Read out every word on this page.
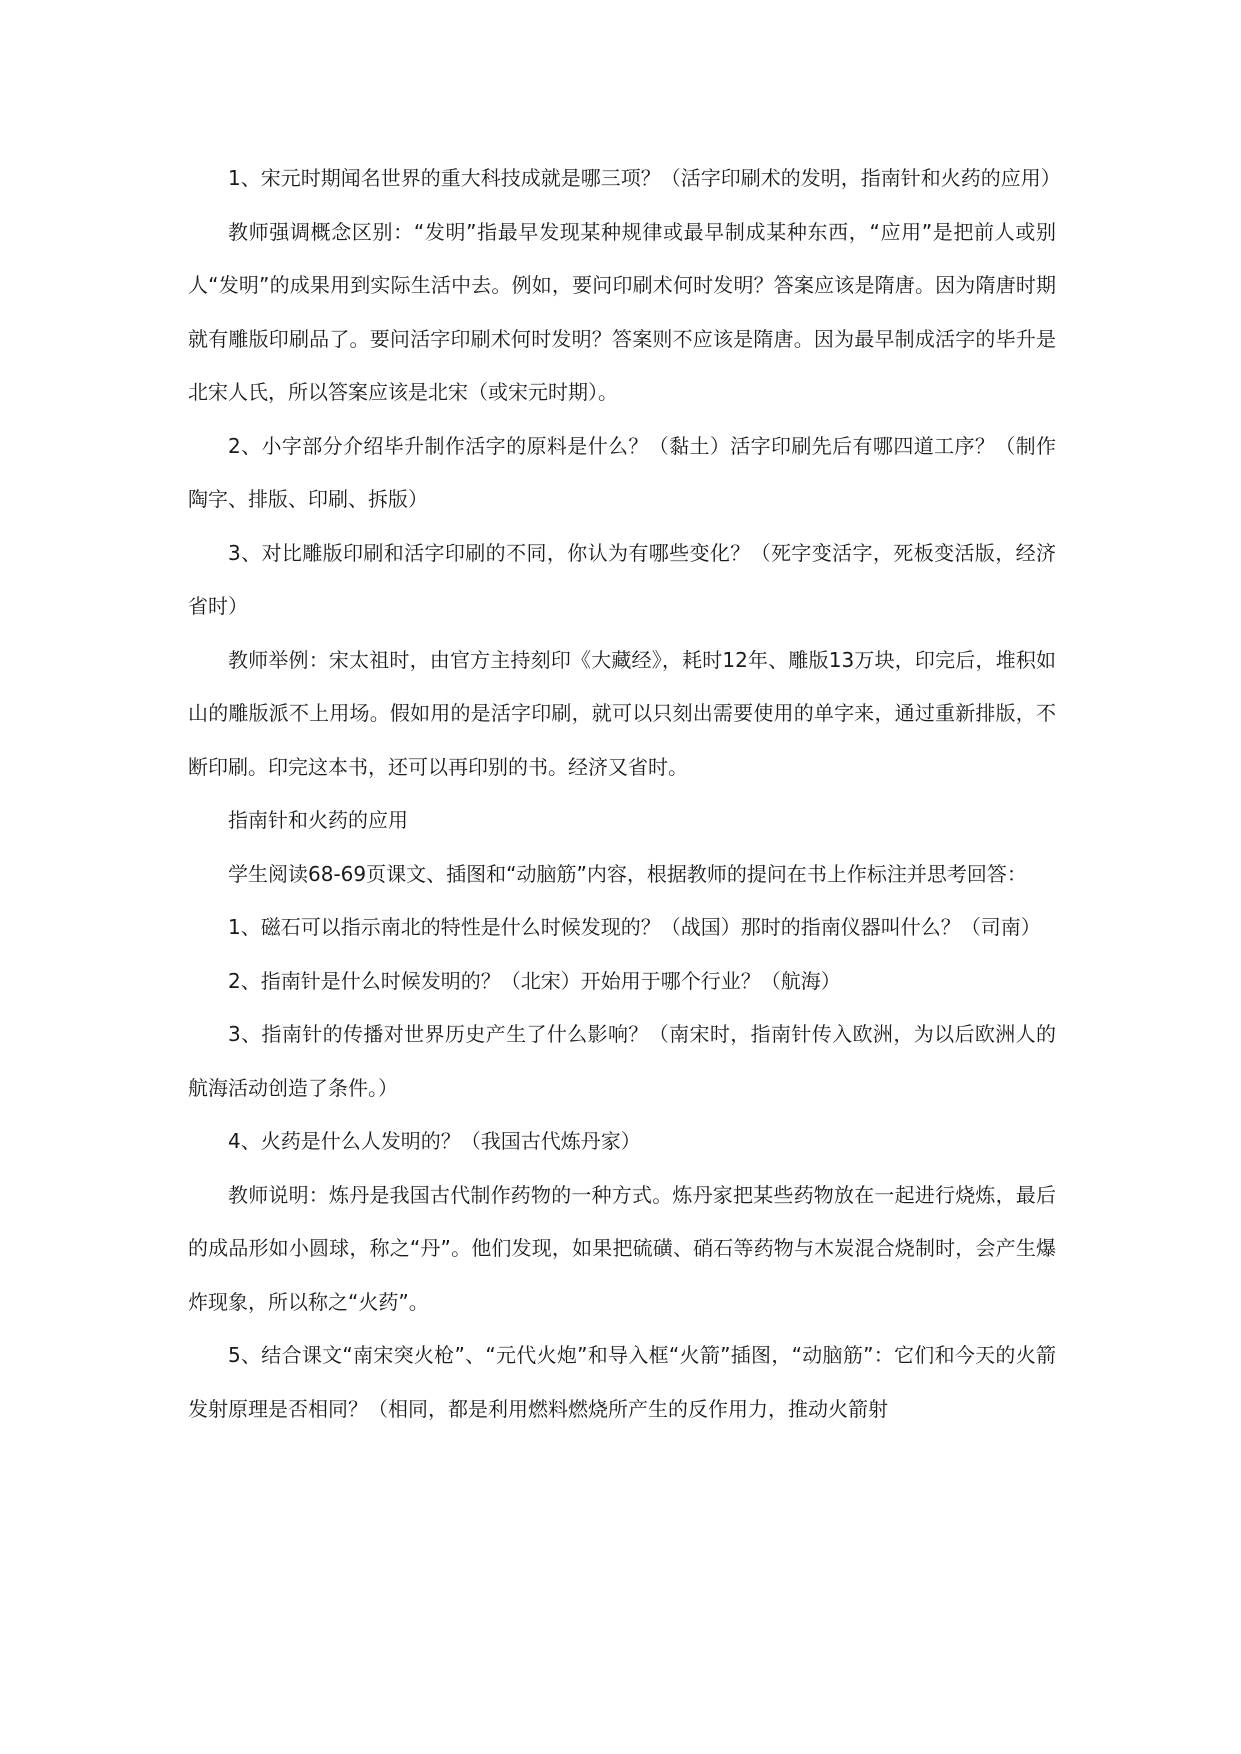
1、宋元时期闻名世界的重大科技成就是哪三项？（活字印刷术的发明，指南针和火药的应用）

教师强调概念区别：“发明”指最早发现某种规律或最早制成某种东西，“应用”是把前人或别人“发明”的成果用到实际生活中去。例如，要问印刷术何时发明？答案应该是隋唐。因为隋唐时期就有雕版印刷品了。要问活字印刷术何时发明？答案则不应该是隋唐。因为最早制成活字的毕升是北宋人氏，所以答案应该是北宋（或宋元时期）。

2、小字部分介绍毕升制作活字的原料是什么？（黏土）活字印刷先后有哪四道工序？（制作陶字、排版、印刷、拆版）

3、对比雕版印刷和活字印刷的不同，你认为有哪些变化？（死字变活字，死板变活版，经济省时）

教师举例：宋太祖时，由官方主持刻印《大藏经》，耗时12年、雕版13万块，印完后，堆积如山的雕版派不上用场。假如用的是活字印刷，就可以只刻出需要使用的单字来，通过重新排版，不断印刷。印完这本书，还可以再印别的书。经济又省时。

指南针和火药的应用

学生阅读68-69页课文、插图和“动脑筋”内容，根据教师的提问在书上作标注并思考回答：

1、磁石可以指示南北的特性是什么时候发现的？（战国）那时的指南仪器叫什么？（司南）

2、指南针是什么时候发明的？（北宋）开始用于哪个行业？（航海）

3、指南针的传播对世界历史产生了什么影响？（南宋时，指南针传入欧洲，为以后欧洲人的航海活动创造了条件。）

4、火药是什么人发明的？（我国古代炼丹家）

教师说明：炼丹是我国古代制作药物的一种方式。炼丹家把某些药物放在一起进行烧炼，最后的成品形如小圆球，称之“丹”。他们发现，如果把硫磺、硝石等药物与木炭混合烧制时，会产生爆炸现象，所以称之“火药”。

5、结合课文“南宋突火枪”、“元代火炮”和导入框“火箭”插图，“动脑筋”：它们和今天的火箭发射原理是否相同？（相同，都是利用燃料燃烧所产生的反作用力，推动火箭射
